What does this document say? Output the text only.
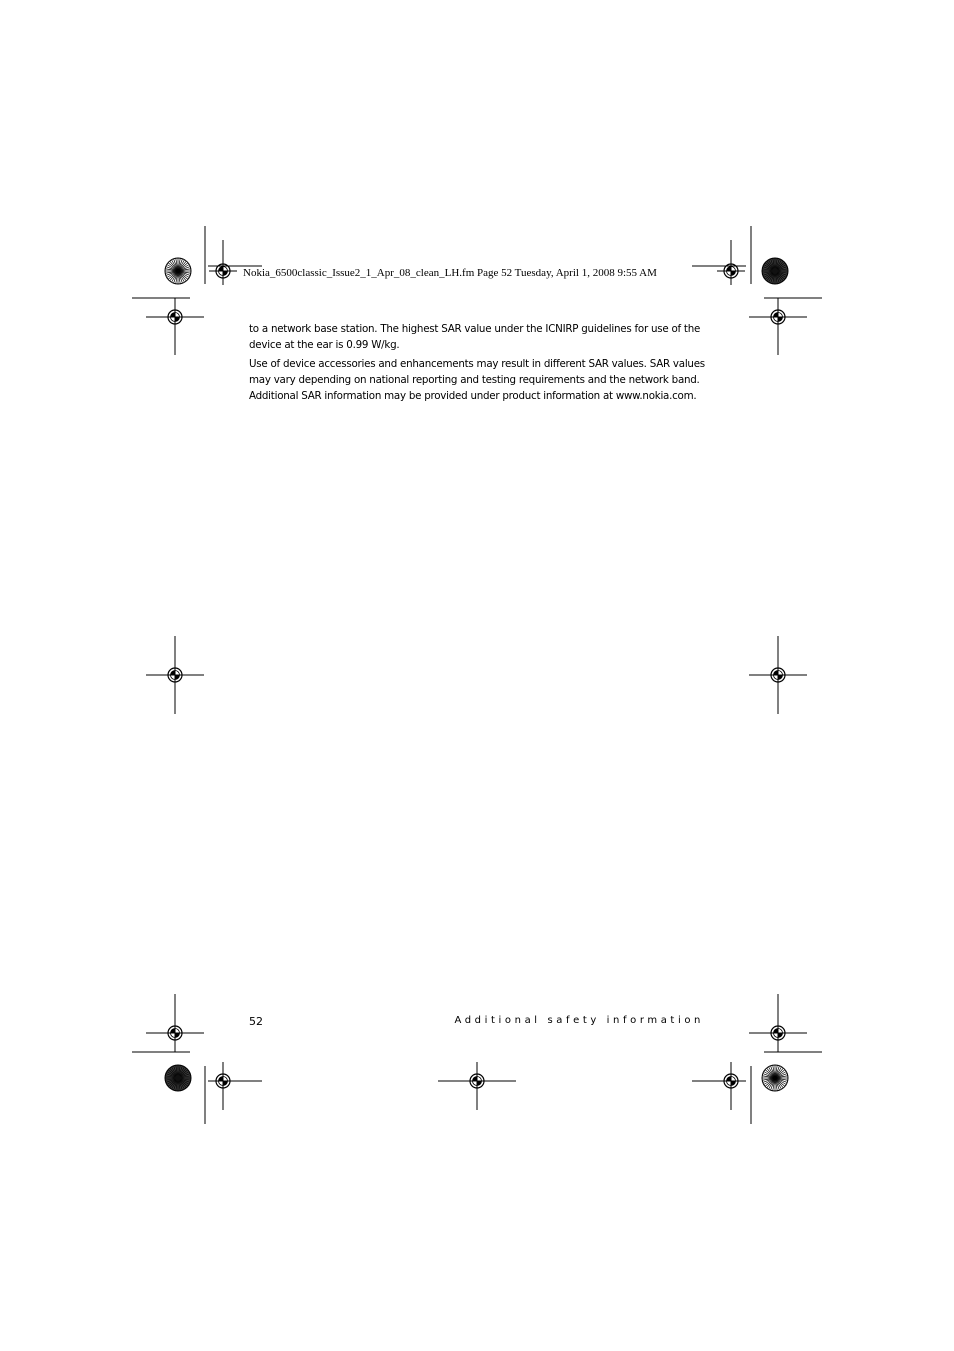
Nokia_6500classic_Issue2_1_Apr_08_clean_LH.fm Page 52 Tuesday, April 1, 2008 9:55 AM

to a network base station. The highest SAR value under the ICNIRP guidelines for use of the
device at the ear is 0.99 W/kg.

Use of device accessories and enhancements may result in different SAR values. SAR values
may vary depending on national reporting and testing requirements and the network band.
Additional SAR information may be provided under product information at www.nokia.com.

52	Additional safety information
